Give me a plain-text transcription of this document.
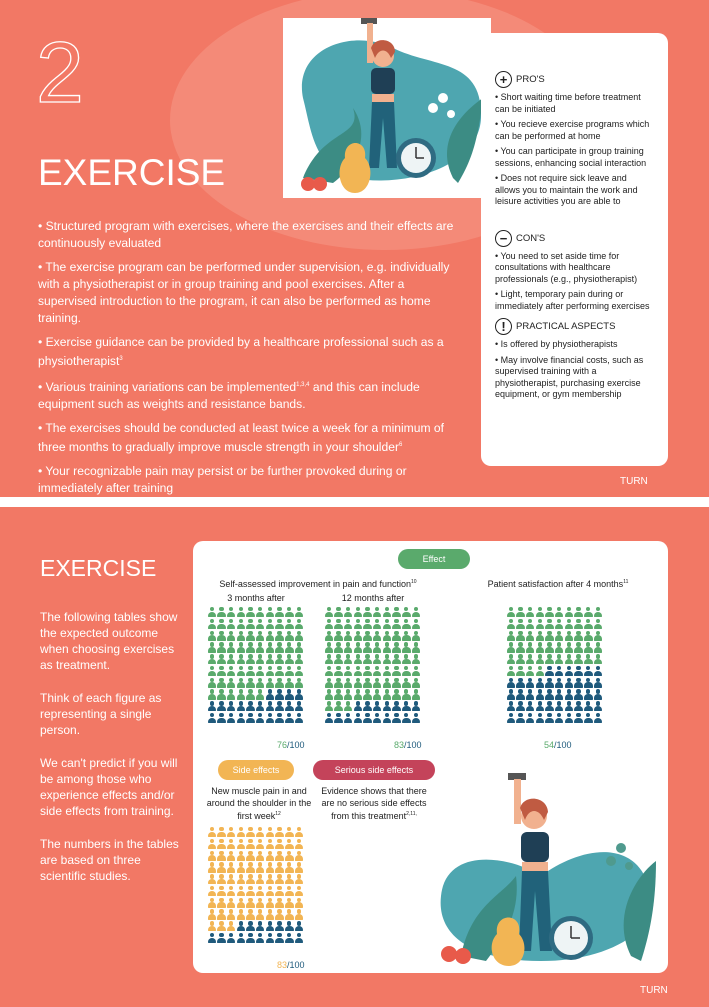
2
EXERCISE
• Structured program with exercises, where the exercises and their effects are continuously evaluated
• The exercise program can be performed under supervision, e.g. individually with a physiotherapist or in group training and pool exercises. After a supervised introduction to the program, it can also be performed as home training.
• Exercise guidance can be provided by a healthcare professional such as a physiotherapist$^3$
• Various training variations can be implemented$^{1,3,4}$ and this can include equipment such as weights and resistance bands.
• The exercises should be conducted at least twice a week for a minimum of three months to gradually improve muscle strength in your shoulder$^6$
• Your recognizable pain may persist or be further provoked during or immediately after training
+ PRO'S
• Short waiting time before treatment can be initiated
• You recieve exercise programs which can be performed at home
• You can participate in group training sessions, enhancing social interaction
• Does not require sick leave and allows you to maintain the work and leisure activities you are able to
− CON'S
• You need to set aside time for consultations with healthcare professionals (e.g., physiotherapist)
• Light, temporary pain during or immediately after performing exercises
!	PRACTICAL ASPECTS
• Is offered by physiotherapists
• May involve financial costs, such as supervised training with a physiotherapist, purchasing exercise equipment, or gym membership
TURN
EXERCISE

The following tables show the expected outcome when choosing exercises as treatment.

Think of each figure as representing a single person.

We can't predict if you will be among those who experience effects and/or side effects from training.

The numbers in the tables are based on three scientific studies.

Effect
Self-assessed improvement in pain and function$^{10}$	Patient satisfaction after 4 months$^{11}$
3 months after	12 months after
76/100	83/100	54/100
Side effects	Serious side effects
New muscle pain in and around the shoulder in the first week$^{12}$
Evidence shows that there are no serious side effects from this treatment$^{2,11,}$
83/100
TURN
